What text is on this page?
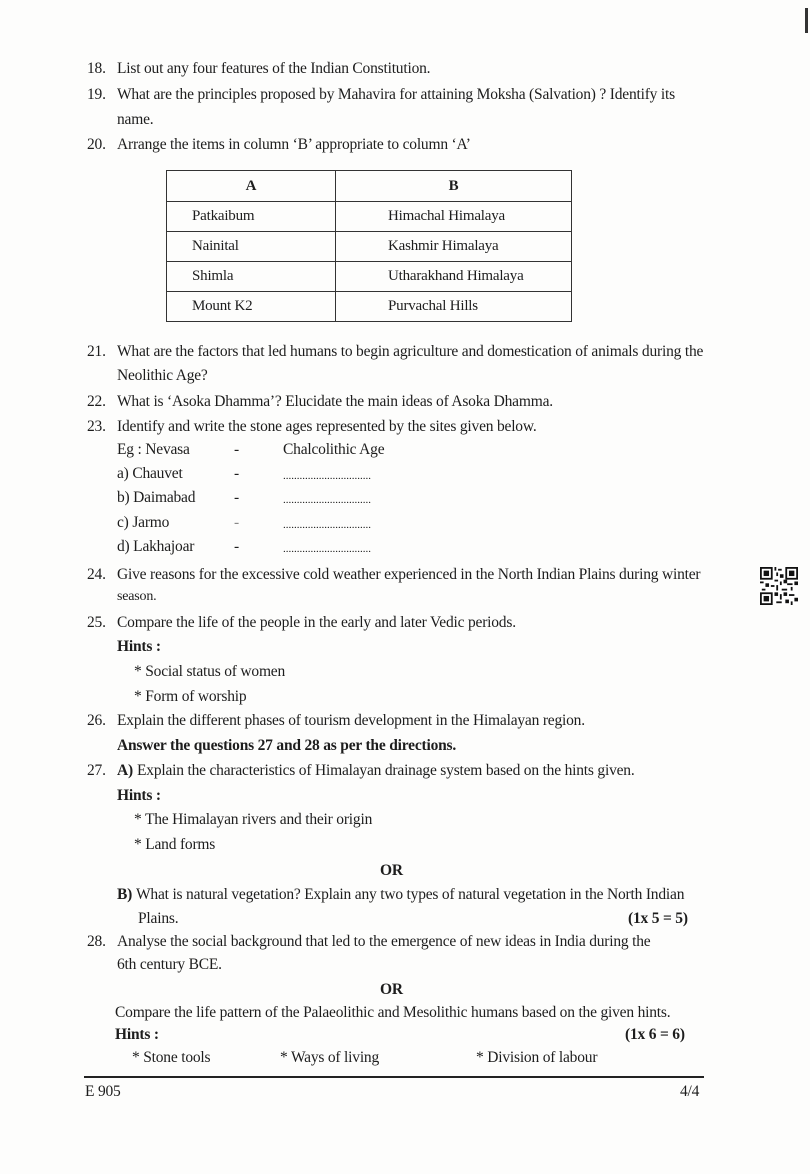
18. List out any four features of the Indian Constitution.
19. What are the principles proposed by Mahavira for attaining Moksha (Salvation) ? Identify its
name.
20. Arrange the items in column ‘B’ appropriate to column ‘A’
A	B
Patkaibum	Himachal Himalaya
Nainital	Kashmir Himalaya
Shimla	Utharakhand Himalaya
Mount K2	Purvachal Hills
21. What are the factors that led humans to begin agriculture and domestication of animals during the
Neolithic Age?
22. What is ‘Asoka Dhamma’? Elucidate the main ideas of Asoka Dhamma.
23. Identify and write the stone ages represented by the sites given below.
Eg : Nevasa	-	Chalcolithic Age
a) Chauvet	-	................................
b) Daimabad -	................................
c) Jarmo	-	................................
d) Lakhajoar	-	................................
24. Give reasons for the excessive cold weather experienced in the North Indian Plains during winter
season.
25. Compare the life of the people in the early and later Vedic periods.
Hints :
* Social status of women
* Form of worship
26. Explain the different phases of tourism development in the Himalayan region.
Answer the questions 27 and 28 as per the directions.
27. A) Explain the characteristics of Himalayan drainage system based on the hints given.
Hints :
* The Himalayan rivers and their origin
* Land forms
OR
B) What is natural vegetation? Explain any two types of natural vegetation in the North Indian
Plains.	(1x 5 = 5)
28. Analyse the social background that led to the emergence of new ideas in India during the
6th century BCE.
OR
Compare the life pattern of the Palaeolithic and Mesolithic humans based on the given hints.
Hints :	(1x 6 = 6)
* Stone tools	* Ways of living	* Division of labour
E 905	4/4
